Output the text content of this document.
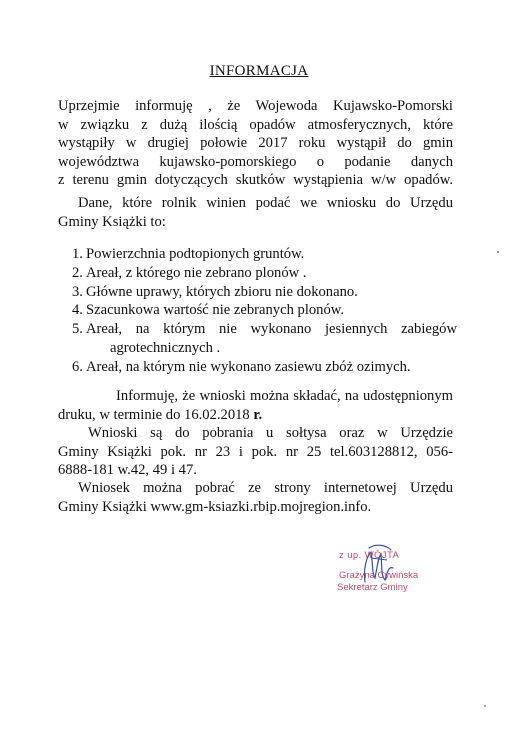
INFORMACJA
Uprzejmie informuję , że Wojewoda Kujawsko-Pomorski
w związku z dużą ilością opadów atmosferycznych, które
wystąpiły w drugiej połowie 2017 roku wystąpił do gmin
województwa kujawsko-pomorskiego o podanie danych
z terenu gmin dotyczących skutków wystąpienia w/w opadów.
Dane, które rolnik winien podać we wniosku do Urzędu
Gminy Książki to:
1. Powierzchnia podtopionych gruntów.
2. Areał, z którego nie zebrano plonów .
3. Główne uprawy, których zbioru nie dokonano.
4. Szacunkowa wartość nie zebranych plonów.
5. Areał, na którym nie wykonano jesiennych zabiegów
agrotechnicznych .
6. Areał, na którym nie wykonano zasiewu zbóż ozimych.
Informuję, że wnioski można składać, na udostępnionym
druku, w terminie do 16.02.2018 r.
Wnioski są do pobrania u sołtysa oraz w Urzędzie
Gminy Książki pok. nr 23 i pok. nr 25 tel.603128812, 056-
6888-181 w.42, 49 i 47.
Wniosek można pobrać ze strony internetowej Urzędu
Gminy Książki www.gm-ksiazki.rbip.mojregion.info.
z up. WÓJTA
Grażyna Cywińska
Sekretarz Gminy
